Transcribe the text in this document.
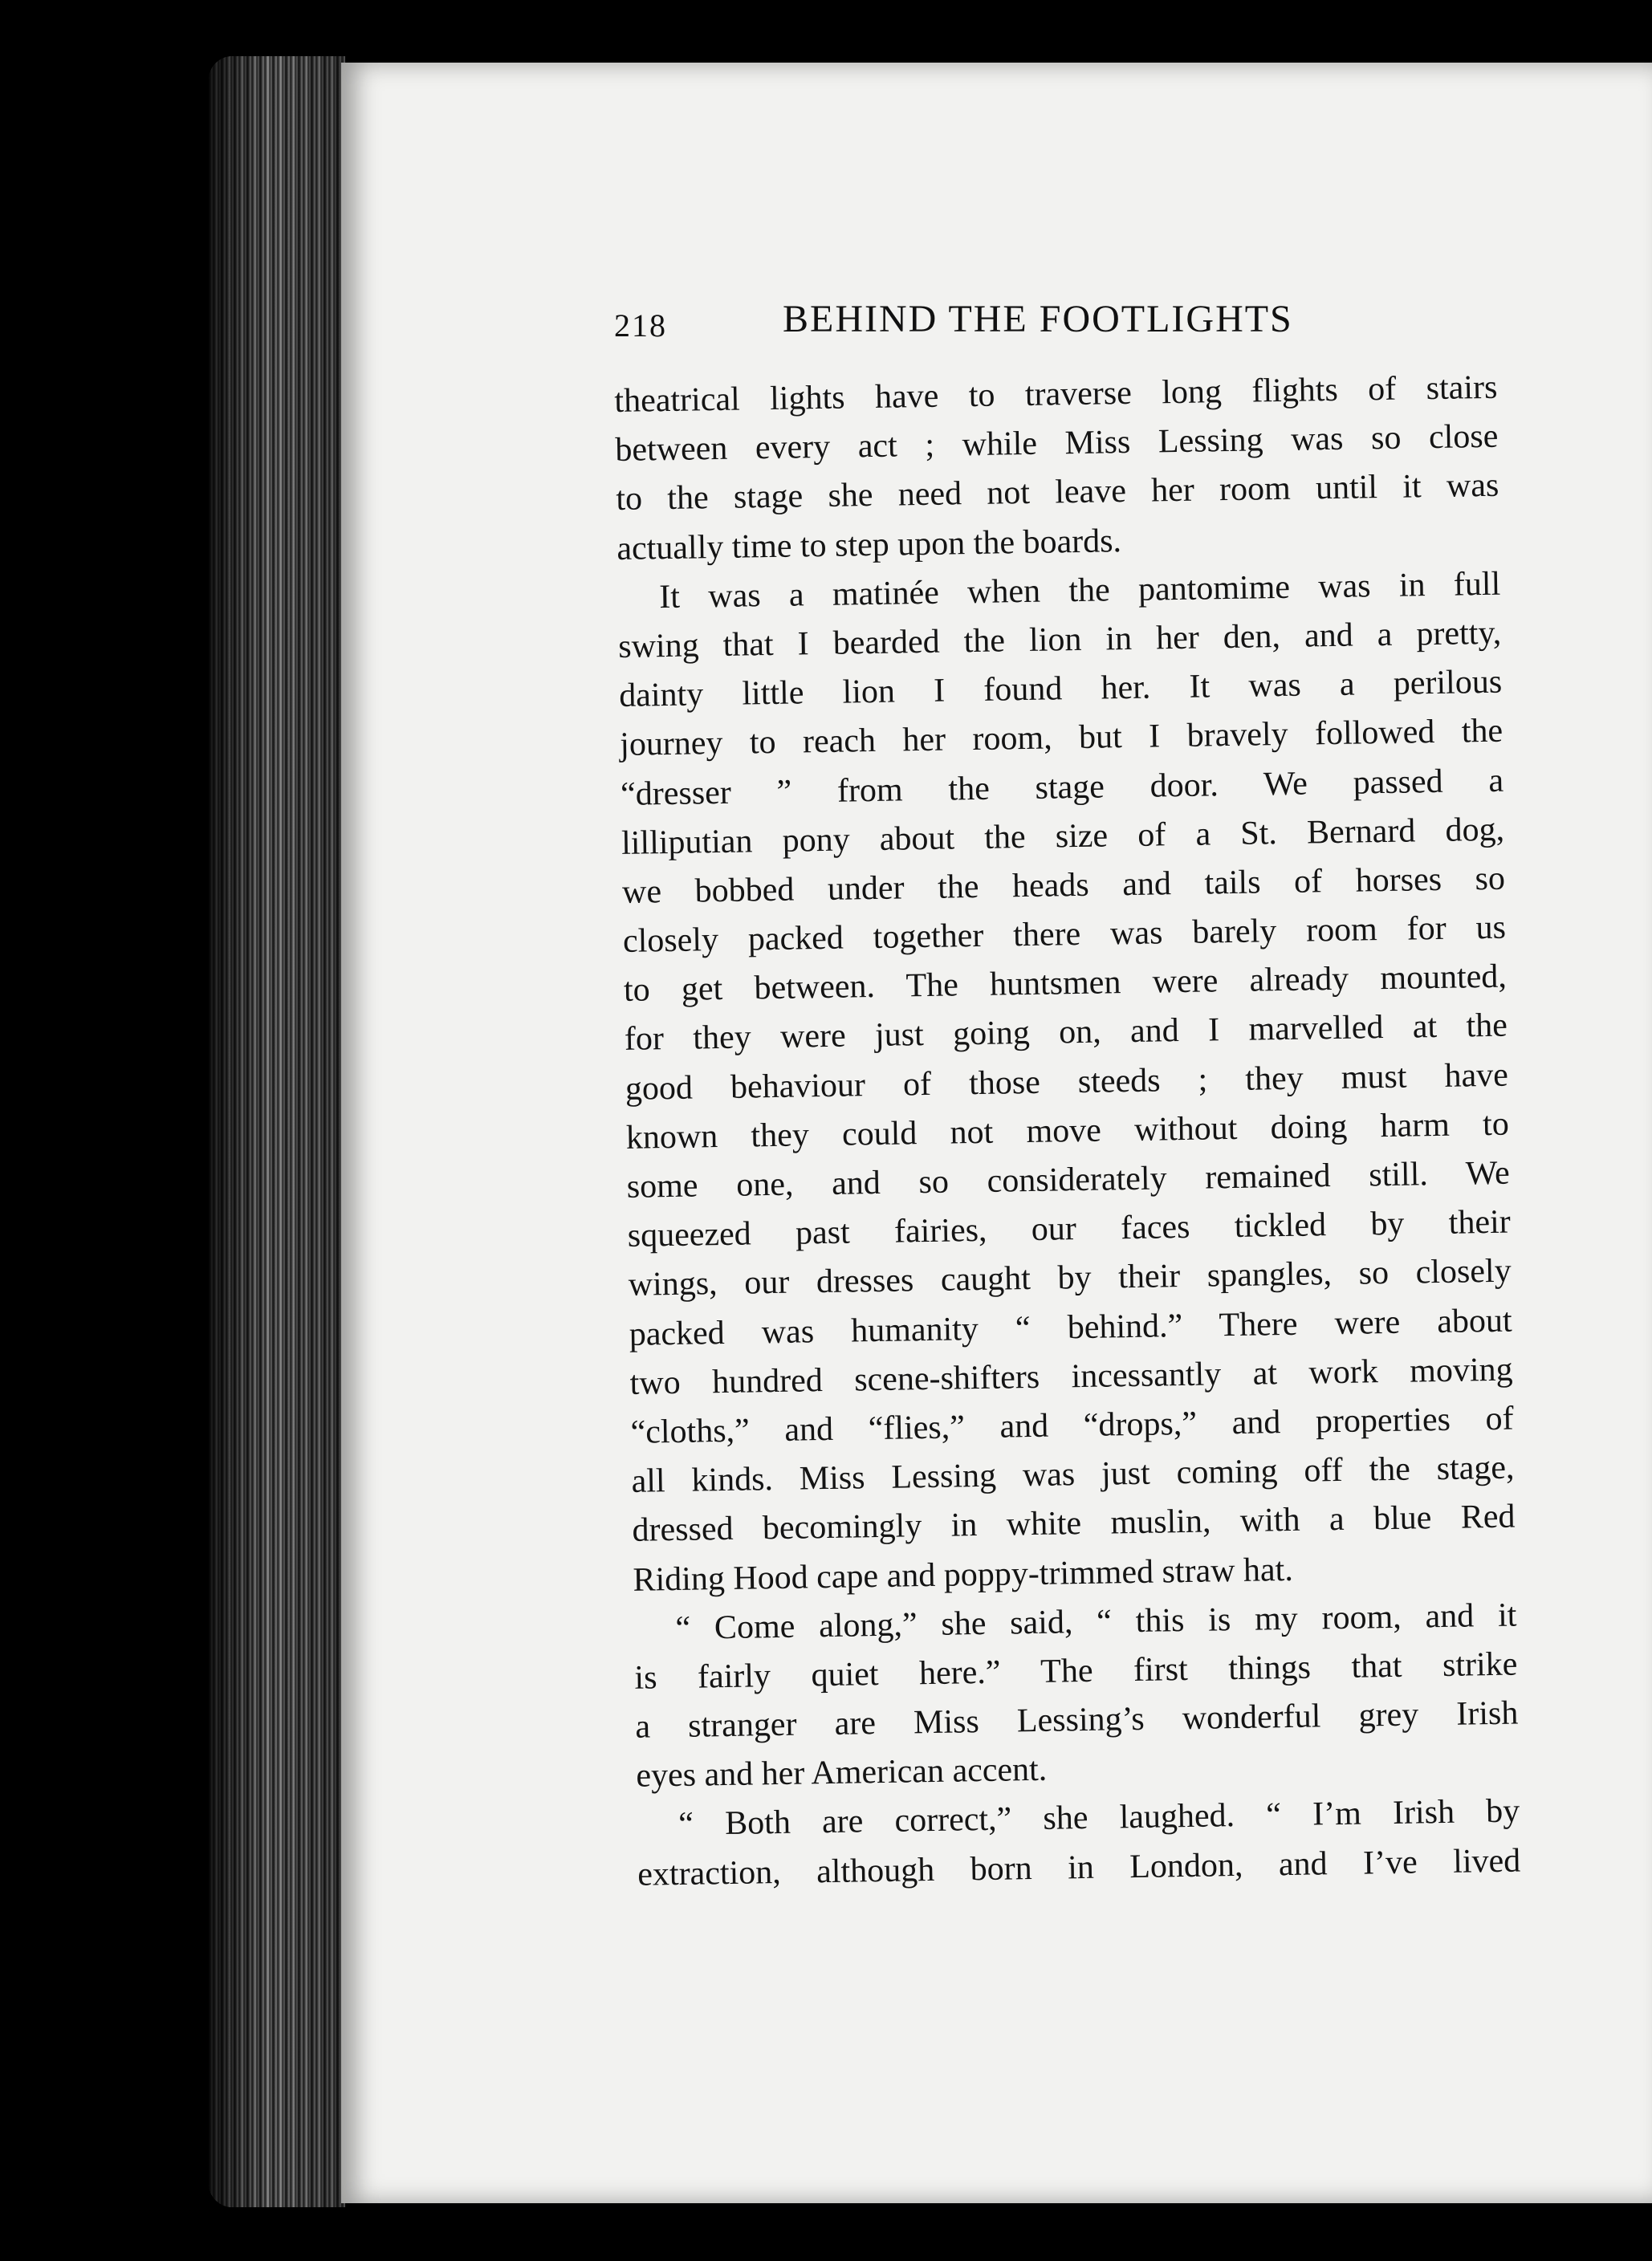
218	BEHIND THE FOOTLIGHTS
theatrical lights have to traverse long flights of stairs
between every act ; while Miss Lessing was so close
to the stage she need not leave her room until it was
actually time to step upon the boards.
It was a matinée when the pantomime was in full
swing that I bearded the lion in her den, and a pretty,
dainty little lion I found her. It was a perilous
journey to reach her room, but I bravely followed the
“dresser ” from the stage door. We passed a
lilliputian pony about the size of a St. Bernard dog,
we bobbed under the heads and tails of horses so
closely packed together there was barely room for us
to get between. The huntsmen were already mounted,
for they were just going on, and I marvelled at the
good behaviour of those steeds ; they must have
known they could not move without doing harm to
some one, and so considerately remained still. We
squeezed past fairies, our faces tickled by their
wings, our dresses caught by their spangles, so closely
packed was humanity “ behind.” There were about
two hundred scene-shifters incessantly at work moving
“cloths,” and “flies,” and “drops,” and properties of
all kinds. Miss Lessing was just coming off the stage,
dressed becomingly in white muslin, with a blue Red
Riding Hood cape and poppy-trimmed straw hat.
“ Come along,” she said, “ this is my room, and it
is fairly quiet here.” The first things that strike
a stranger are Miss Lessing’s wonderful grey Irish
eyes and her American accent.
“ Both are correct,” she laughed. “ I’m Irish by
extraction, although born in London, and I’ve lived
